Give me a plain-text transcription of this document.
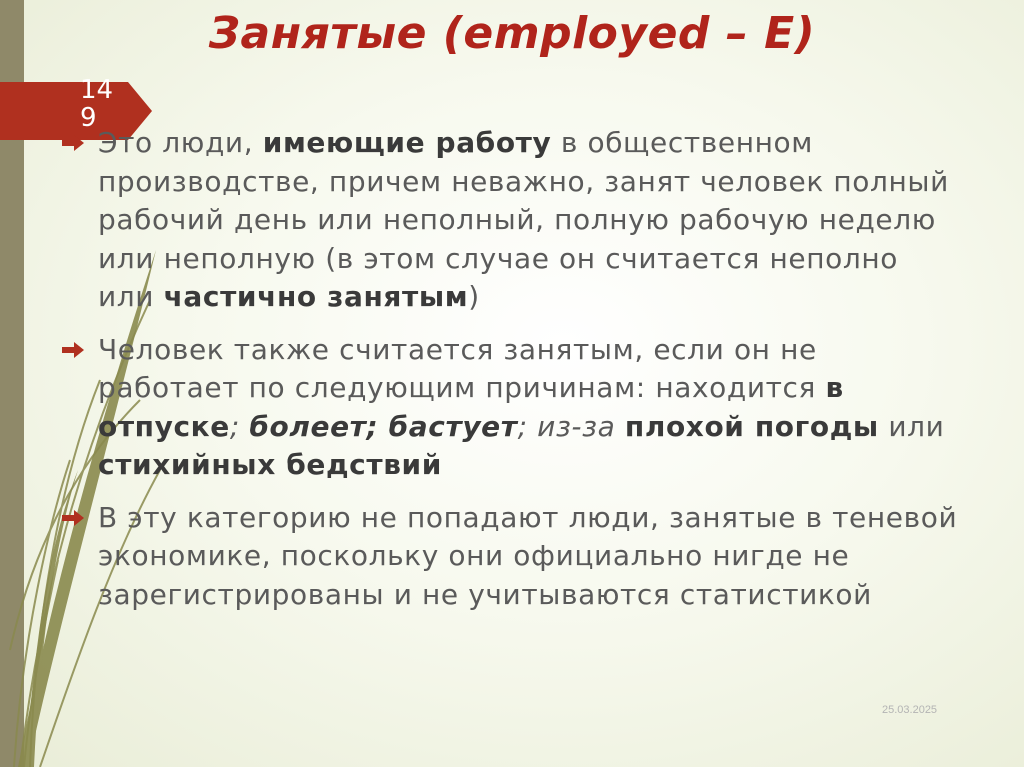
Занятые (employed – E)
149
Это люди, имеющие работу в общественном производстве, причем неважно, занят человек полный рабочий день или неполный, полную рабочую неделю или неполную (в этом случае он считается неполно или частично занятым)
Человек также считается занятым, если он не работает по следующим причинам: находится в отпуске; болеет; бастует; из-за плохой погоды или стихийных бедствий
В эту категорию не попадают люди, занятые в теневой экономике, поскольку они официально нигде не зарегистрированы и не учитываются статистикой
25.03.2025
